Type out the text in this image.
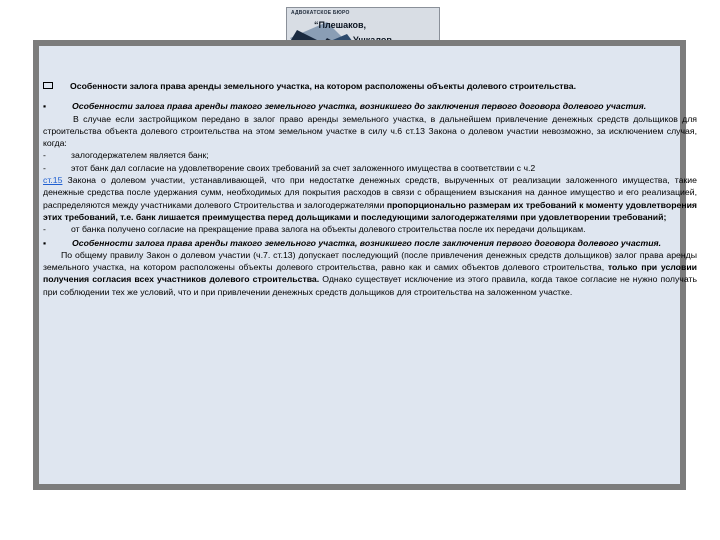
АДВОКАТСКОЕ БЮРО
“Плешаков,
Особенности залога права аренды земельного участка, на котором расположены объекты долевого строительства.
▪	Особенности залога права аренды такого земельного участка, возникшего до заключения первого договора долевого участия.

В случае если застройщиком передано в залог право аренды земельного участка, в дальнейшем привлечение денежных средств дольщиков для строительства объекта долевого строительства на этом земельном участке в силу ч.6 ст.13 Закона о долевом участии невозможно, за исключением случая, когда:

-	залогодержателем является банк;
-	этот банк дал согласие на удовлетворение своих требований за счет заложенного имущества в соответствии с ч.2

ст.15 Закона о долевом участии, устанавливающей, что при недостатке денежных средств, вырученных от реализации заложенного имущества, такие денежные средства после удержания сумм, необходимых для покрытия расходов в связи с обращением взыскания на данное имущество и его реализацией, распределяются между участниками долевого Строительства и залогодержателями пропорционально размерам их требований к моменту удовлетворения этих требований, т.е. банк лишается преимущества перед дольщиками и последующими залогодержателями при удовлетворении требований;

-	от банка получено согласие на прекращение права залога на объекты долевого строительства после их передачи дольщикам.
▪	Особенности залога права аренды такого земельного участка, возникшего после заключения первого договора долевого участия.

По общему правилу Закон о долевом участии (ч.7. ст.13) допускает последующий (после привлечения денежных средств дольщиков) залог права аренды земельного участка, на котором расположены объекты долевого строительства, равно как и самих объектов долевого строительства, только при условии получения согласия всех участников долевого строительства. Однако существует исключение из этого правила, когда такое согласие не нужно получать при соблюдении тех же условий, что и при привлечении денежных средств дольщиков для строительства на заложенном участке.
